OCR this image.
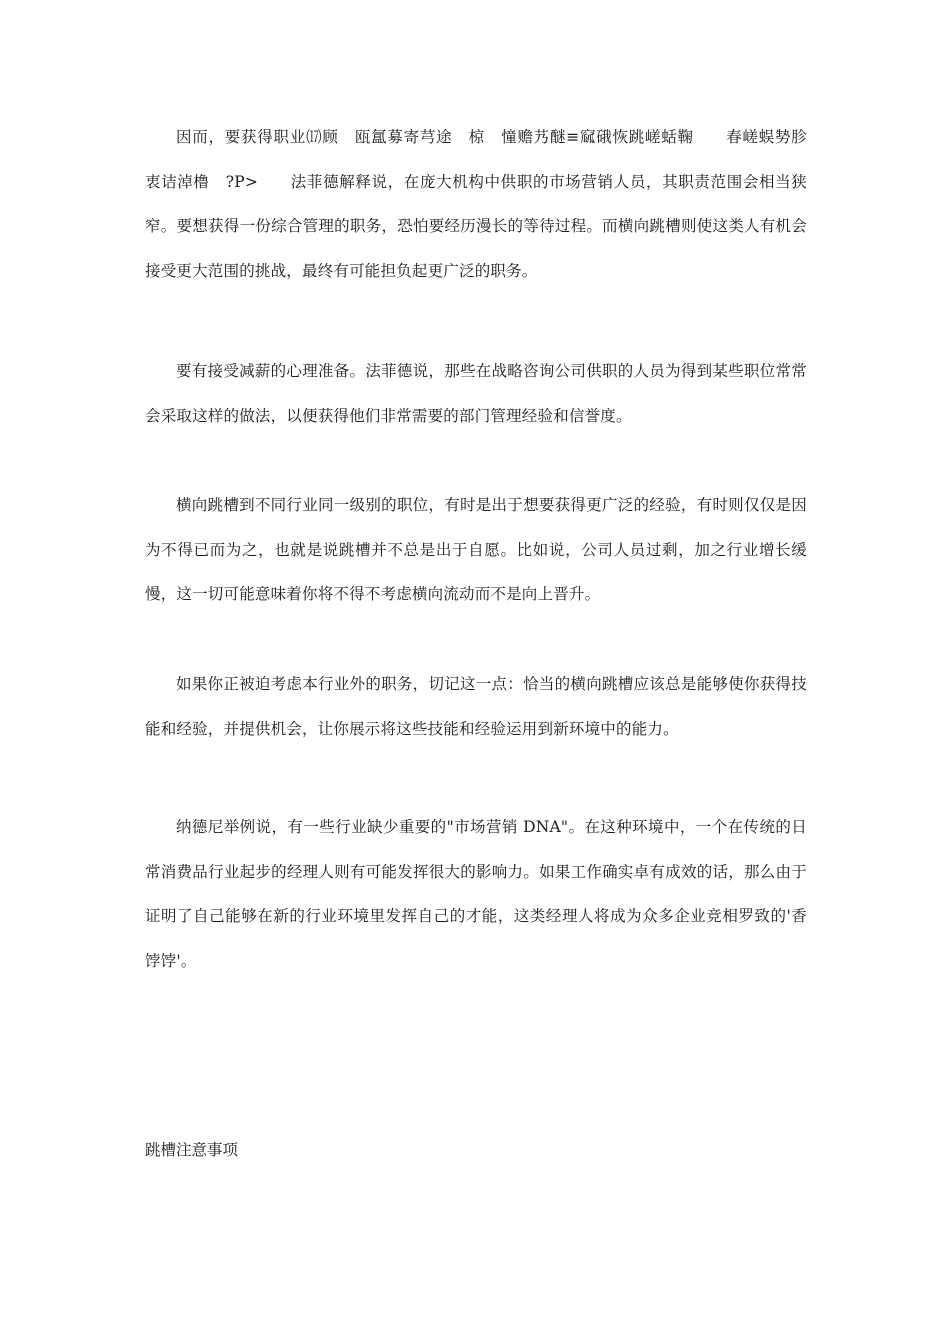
因而，要获得职业⒄顾　瓯氲募寄芎途　椋　憧赡艿醚≡窳硪恢跳嵯蛞鞠　　春嵯蜈㔟胗　衷诘淖橹　?P>　　法菲德解释说，在庞大机构中供职的市场营销人员，其职责范围会相当狭窄。要想获得一份综合管理的职务，恐怕要经历漫长的等待过程。而横向跳槽则使这类人有机会接受更大范围的挑战，最终有可能担负起更广泛的职务。

要有接受减薪的心理准备。法菲德说，那些在战略咨询公司供职的人员为得到某些职位常常会采取这样的做法，以便获得他们非常需要的部门管理经验和信誉度。

横向跳槽到不同行业同一级别的职位，有时是出于想要获得更广泛的经验，有时则仅仅是因为不得已而为之，也就是说跳槽并不总是出于自愿。比如说，公司人员过剩，加之行业增长缓慢，这一切可能意味着你将不得不考虑横向流动而不是向上晋升。

如果你正被迫考虑本行业外的职务，切记这一点：恰当的横向跳槽应该总是能够使你获得技能和经验，并提供机会，让你展示将这些技能和经验运用到新环境中的能力。

纳德尼举例说，有一些行业缺少重要的"市场营销 DNA"。在这种环境中，一个在传统的日常消费品行业起步的经理人则有可能发挥很大的影响力。如果工作确实卓有成效的话，那么由于证明了自己能够在新的行业环境里发挥自己的才能，这类经理人将成为众多企业竞相罗致的'香饽饽'。

跳槽注意事项
